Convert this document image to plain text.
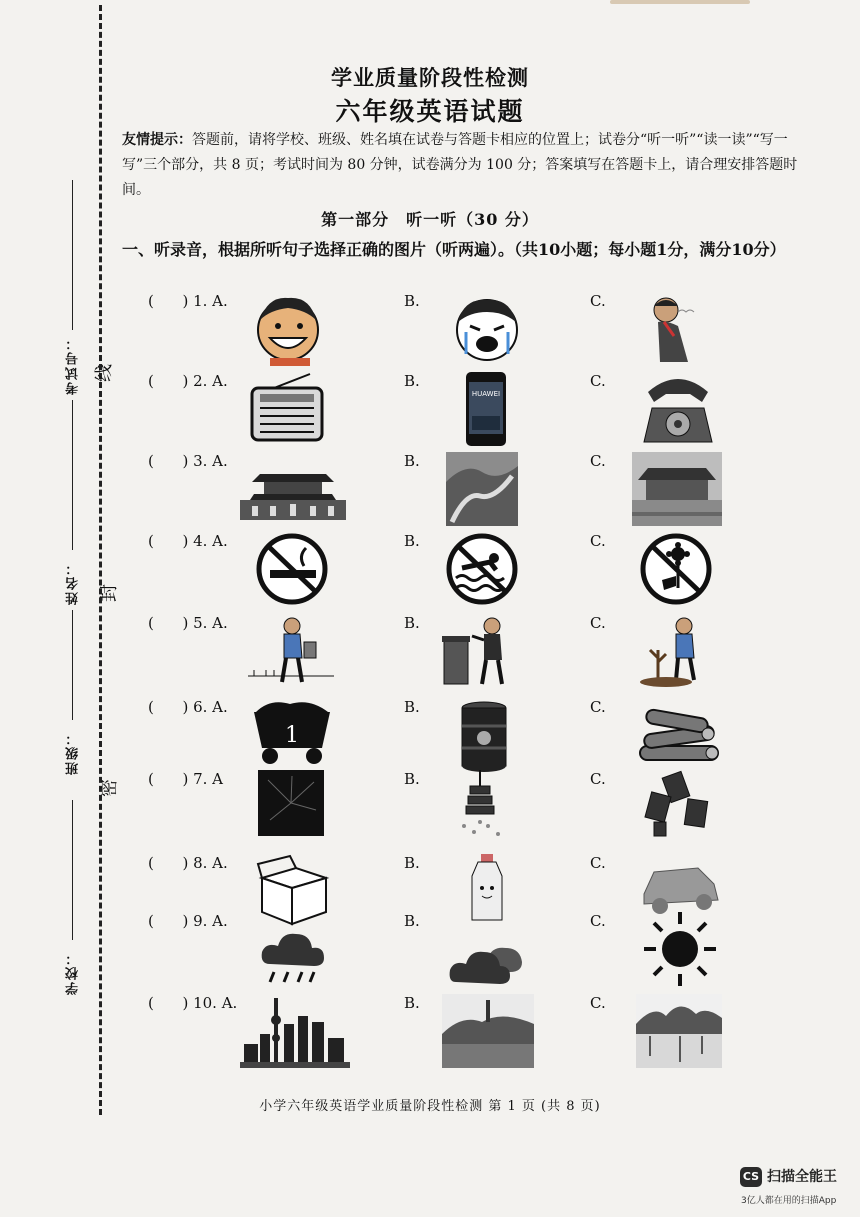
考试号： 线
姓名： 封
班级：
密
学校：
学业质量阶段性检测
六年级英语试题
友情提示：答题前，请将学校、班级、姓名填在试卷与答题卡相应的位置上；试卷分“听一听”“读一读”“写一写”三个部分，共 8 页；考试时间为 80 分钟，试卷满分为 100 分；答案填写在答题卡上，请合理安排答题时间。
第一部分　听一听（30 分）
一、听录音，根据所听句子选择正确的图片（听两遍）。（共10小题；每小题1分，满分10分）
(      ) 1. A.	B.	C.
(      ) 2. A.	B.
HUAWEI
C.
(      ) 3. A.	B.	C.
(      ) 4. A.	B.	C.
(      ) 5. A.	B.	C.
(      ) 6. A.
1
B.	C.
(      ) 7. A	B.	C.
(      ) 8. A.	B.	C.
(      ) 9. A.	B.	C.
(      ) 10. A.	B.	C.
小学六年级英语学业质量阶段性检测 第 1 页 (共 8 页)
CS 扫描全能王
3亿人都在用的扫描App
